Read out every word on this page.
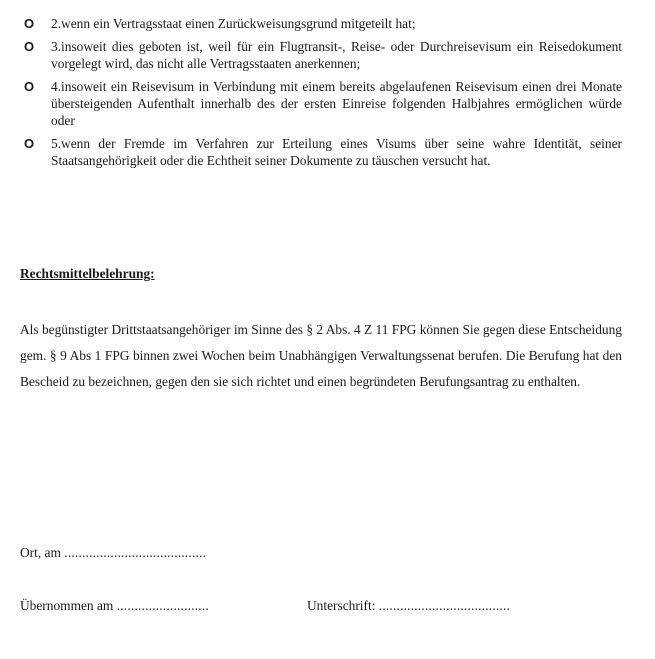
O	2.wenn ein Vertragsstaat einen Zurückweisungsgrund mitgeteilt hat;
O	3.insoweit dies geboten ist, weil für ein Flugtransit-, Reise- oder Durchreisevisum ein Reisedokument vorgelegt wird, das nicht alle Vertragsstaaten anerkennen;
O	4.insoweit ein Reisevisum in Verbindung mit einem bereits abgelaufenen Reisevisum einen drei Monate übersteigenden Aufenthalt innerhalb des der ersten Einreise folgenden Halbjahres ermöglichen würde oder
O	5.wenn der Fremde im Verfahren zur Erteilung eines Visums über seine wahre Identität, seiner Staatsangehörigkeit oder die Echtheit seiner Dokumente zu täuschen versucht hat.
Rechtsmittelbelehrung:
Als begünstigter Drittstaatsangehöriger im Sinne des § 2 Abs. 4 Z 11 FPG können Sie gegen diese Entscheidung gem. § 9 Abs 1 FPG binnen zwei Wochen beim Unabhängigen Verwaltungssenat berufen. Die Berufung hat den Bescheid zu bezeichnen, gegen den sie sich richtet und einen begründeten Berufungsantrag zu enthalten.
Ort, am ........................................
Übernommen am ..........................	Unterschrift: .....................................
